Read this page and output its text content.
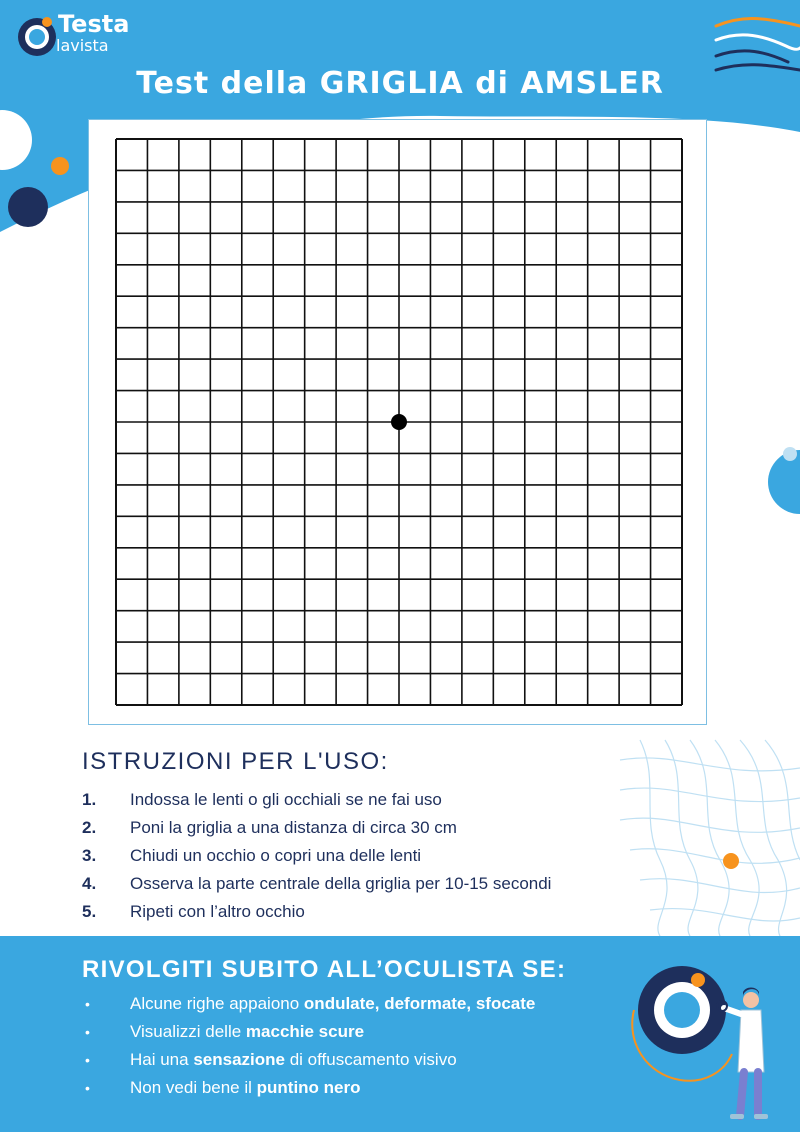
Testa
lavista
Test della GRIGLIA di AMSLER
ISTRUZIONI PER L'USO:
1.	Indossa le lenti o gli occhiali se ne fai uso
2.	Poni la griglia a una distanza di circa 30 cm
3.	Chiudi un occhio o copri una delle lenti
4.	Osserva la parte centrale della griglia per 10-15 secondi
5.	Ripeti con l’altro occhio
RIVOLGITI SUBITO ALL’OCULISTA SE:
• Alcune righe appaiono ondulate, deformate, sfocate
• Visualizzi delle macchie scure
• Hai una sensazione di offuscamento visivo
• Non vedi bene il puntino nero
